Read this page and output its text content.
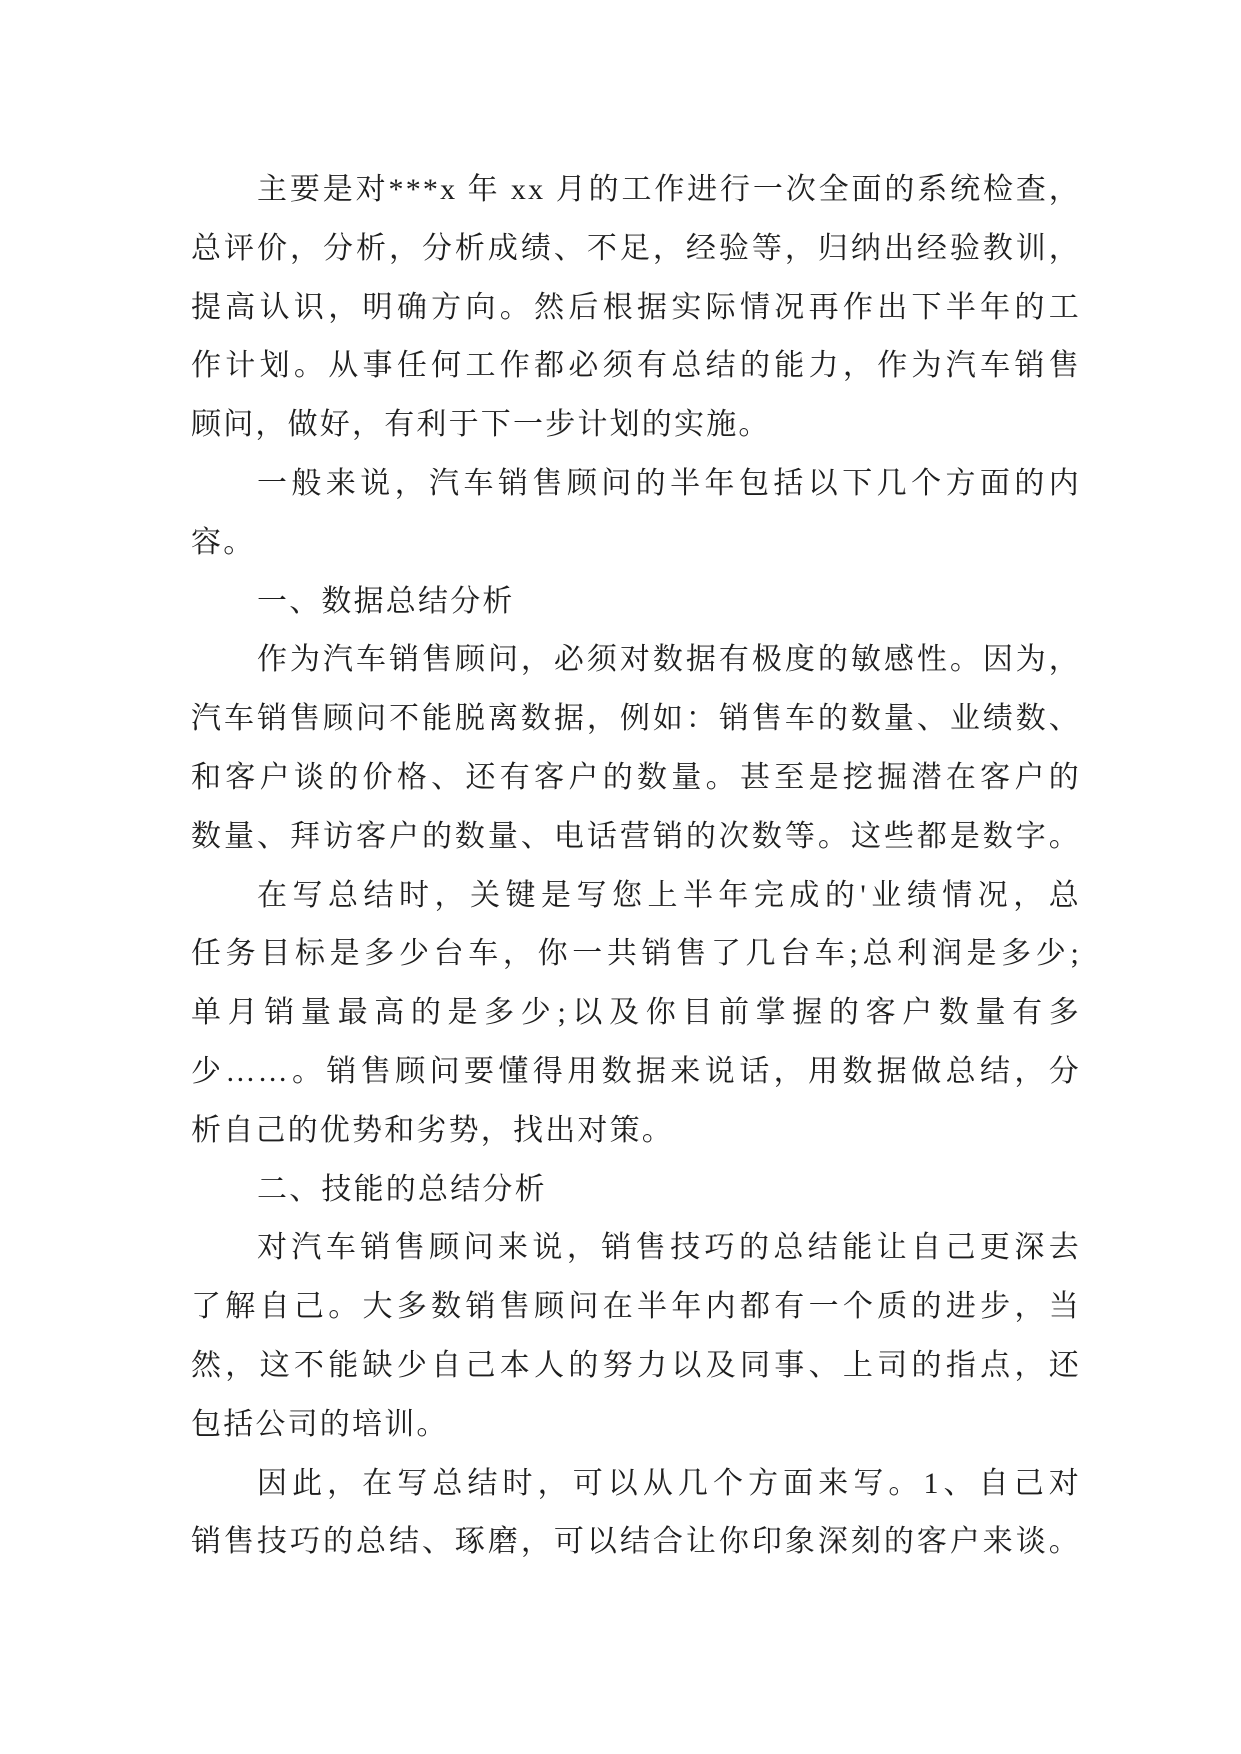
主要是对***x 年 xx 月的工作进行一次全面的系统检查，
总评价，分析，分析成绩、不足，经验等，归纳出经验教训，
提高认识，明确方向。然后根据实际情况再作出下半年的工
作计划。从事任何工作都必须有总结的能力，作为汽车销售
顾问，做好，有利于下一步计划的实施。
一般来说，汽车销售顾问的半年包括以下几个方面的内
容。
一、数据总结分析
作为汽车销售顾问，必须对数据有极度的敏感性。因为，
汽车销售顾问不能脱离数据，例如：销售车的数量、业绩数、
和客户谈的价格、还有客户的数量。甚至是挖掘潜在客户的
数量、拜访客户的数量、电话营销的次数等。这些都是数字。
在写总结时，关键是写您上半年完成的'业绩情况，总
任务目标是多少台车，你一共销售了几台车;总利润是多少;
单月销量最高的是多少;以及你目前掌握的客户数量有多
少……。销售顾问要懂得用数据来说话，用数据做总结，分
析自己的优势和劣势，找出对策。
二、技能的总结分析
对汽车销售顾问来说，销售技巧的总结能让自己更深去
了解自己。大多数销售顾问在半年内都有一个质的进步，当
然，这不能缺少自己本人的努力以及同事、上司的指点，还
包括公司的培训。
因此，在写总结时，可以从几个方面来写。1、自己对
销售技巧的总结、琢磨，可以结合让你印象深刻的客户来谈。
